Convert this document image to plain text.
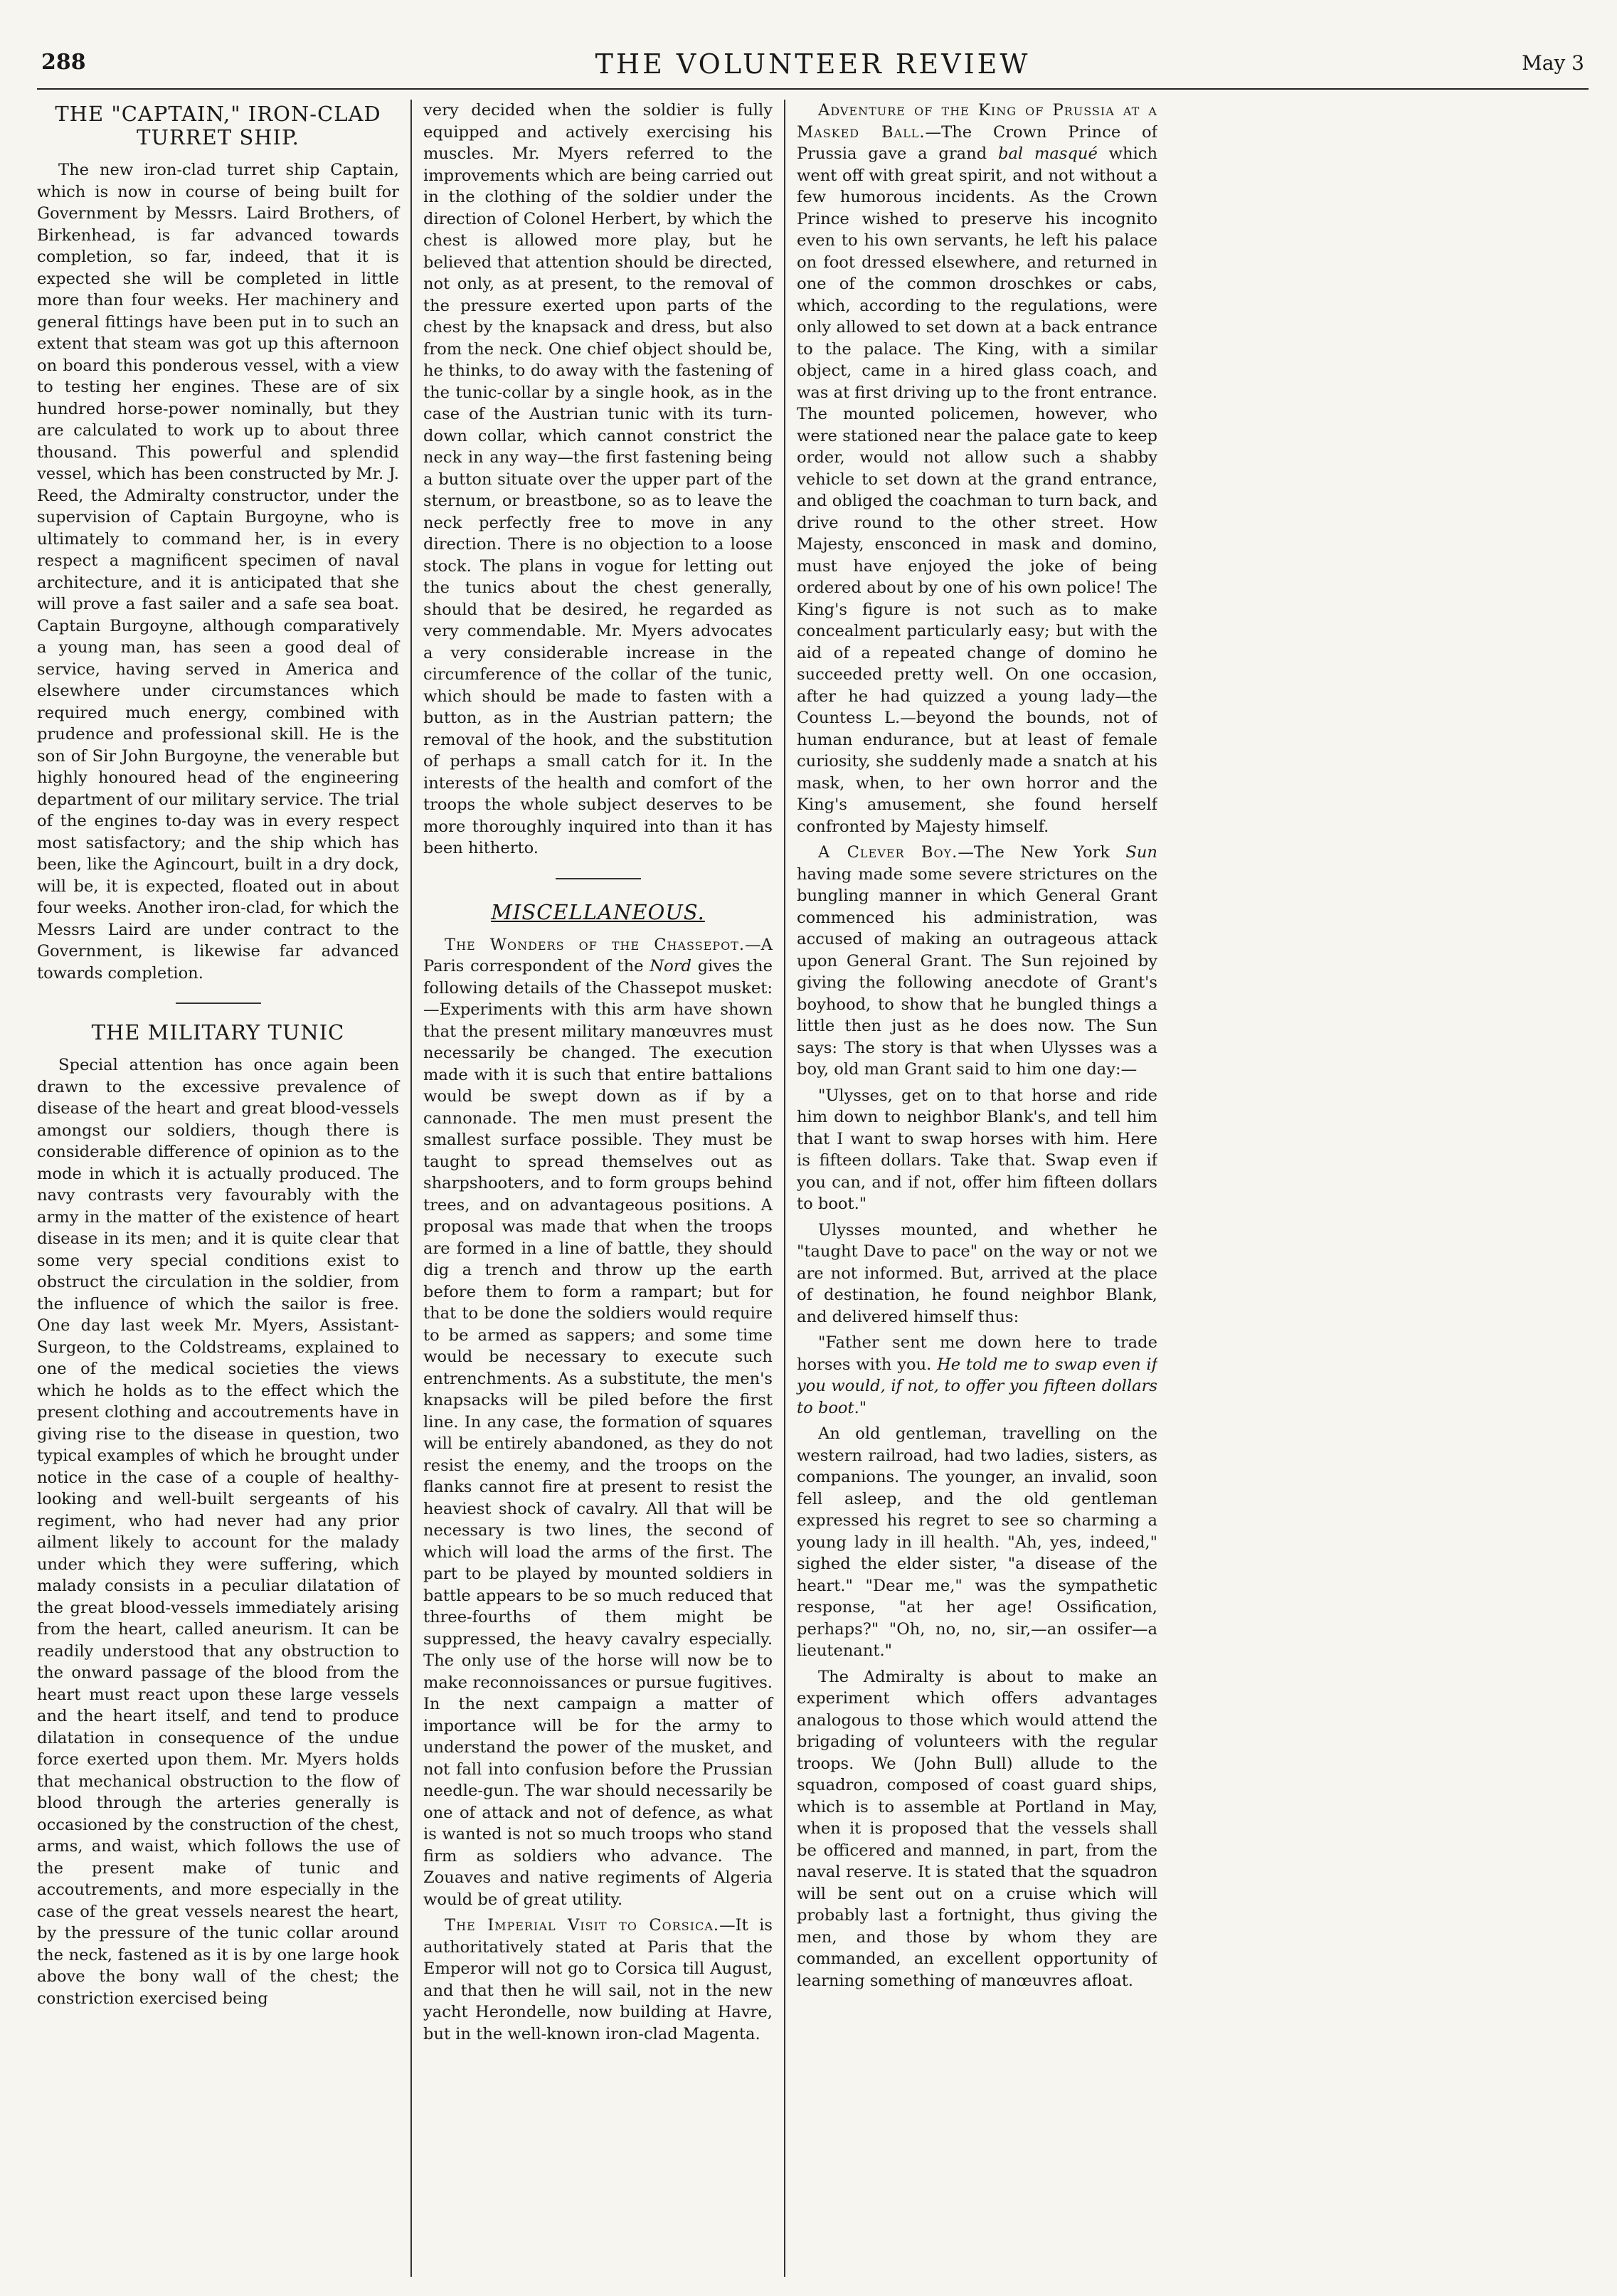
288	THE VOLUNTEER REVIEW	May 3
THE "CAPTAIN," IRON-CLAD TURRET SHIP.

The new iron-clad turret ship Captain, which is now in course of being built for Government by Messrs. Laird Brothers, of Birkenhead, is far advanced towards completion, so far, indeed, that it is expected she will be completed in little more than four weeks. Her machinery and general fittings have been put in to such an extent that steam was got up this afternoon on board this ponderous vessel, with a view to testing her engines. These are of six hundred horse-power nominally, but they are calculated to work up to about three thousand. This powerful and splendid vessel, which has been constructed by Mr. J. Reed, the Admiralty constructor, under the supervision of Captain Burgoyne, who is ultimately to command her, is in every respect a magnificent specimen of naval architecture, and it is anticipated that she will prove a fast sailer and a safe sea boat. Captain Burgoyne, although comparatively a young man, has seen a good deal of service, having served in America and elsewhere under circumstances which required much energy, combined with prudence and professional skill. He is the son of Sir John Burgoyne, the venerable but highly honoured head of the engineering department of our military service. The trial of the engines to-day was in every respect most satisfactory; and the ship which has been, like the Agincourt, built in a dry dock, will be, it is expected, floated out in about four weeks. Another iron-clad, for which the Messrs Laird are under contract to the Government, is likewise far advanced towards completion.

THE MILITARY TUNIC

Special attention has once again been drawn to the excessive prevalence of disease of the heart and great blood-vessels amongst our soldiers, though there is considerable difference of opinion as to the mode in which it is actually produced. The navy contrasts very favourably with the army in the matter of the existence of heart disease in its men; and it is quite clear that some very special conditions exist to obstruct the circulation in the soldier, from the influence of which the sailor is free. One day last week Mr. Myers, Assistant-Surgeon, to the Coldstreams, explained to one of the medical societies the views which he holds as to the effect which the present clothing and accoutrements have in giving rise to the disease in question, two typical examples of which he brought under notice in the case of a couple of healthy-looking and well-built sergeants of his regiment, who had never had any prior ailment likely to account for the malady under which they were suffering, which malady consists in a peculiar dilatation of the great blood-vessels immediately arising from the heart, called aneurism. It can be readily understood that any obstruction to the onward passage of the blood from the heart must react upon these large vessels and the heart itself, and tend to produce dilatation in consequence of the undue force exerted upon them. Mr. Myers holds that mechanical obstruction to the flow of blood through the arteries generally is occasioned by the construction of the chest, arms, and waist, which follows the use of the present make of tunic and accoutrements, and more especially in the case of the great vessels nearest the heart, by the pressure of the tunic collar around the neck, fastened as it is by one large hook above the bony wall of the chest; the constriction exercised being

very decided when the soldier is fully equipped and actively exercising his muscles. Mr. Myers referred to the improvements which are being carried out in the clothing of the soldier under the direction of Colonel Herbert, by which the chest is allowed more play, but he believed that attention should be directed, not only, as at present, to the removal of the pressure exerted upon parts of the chest by the knapsack and dress, but also from the neck. One chief object should be, he thinks, to do away with the fastening of the tunic-collar by a single hook, as in the case of the Austrian tunic with its turn-down collar, which cannot constrict the neck in any way—the first fastening being a button situate over the upper part of the sternum, or breastbone, so as to leave the neck perfectly free to move in any direction. There is no objection to a loose stock. The plans in vogue for letting out the tunics about the chest generally, should that be desired, he regarded as very commendable. Mr. Myers advocates a very considerable increase in the circumference of the collar of the tunic, which should be made to fasten with a button, as in the Austrian pattern; the removal of the hook, and the substitution of perhaps a small catch for it. In the interests of the health and comfort of the troops the whole subject deserves to be more thoroughly inquired into than it has been hitherto.

MISCELLANEOUS.

The Wonders of the Chassepot.—A Paris correspondent of the Nord gives the following details of the Chassepot musket:—Experiments with this arm have shown that the present military manœuvres must necessarily be changed. The execution made with it is such that entire battalions would be swept down as if by a cannonade. The men must present the smallest surface possible. They must be taught to spread themselves out as sharpshooters, and to form groups behind trees, and on advantageous positions. A proposal was made that when the troops are formed in a line of battle, they should dig a trench and throw up the earth before them to form a rampart; but for that to be done the soldiers would require to be armed as sappers; and some time would be necessary to execute such entrenchments. As a substitute, the men's knapsacks will be piled before the first line. In any case, the formation of squares will be entirely abandoned, as they do not resist the enemy, and the troops on the flanks cannot fire at present to resist the heaviest shock of cavalry. All that will be necessary is two lines, the second of which will load the arms of the first. The part to be played by mounted soldiers in battle appears to be so much reduced that three-fourths of them might be suppressed, the heavy cavalry especially. The only use of the horse will now be to make reconnoissances or pursue fugitives. In the next campaign a matter of importance will be for the army to understand the power of the musket, and not fall into confusion before the Prussian needle-gun. The war should necessarily be one of attack and not of defence, as what is wanted is not so much troops who stand firm as soldiers who advance. The Zouaves and native regiments of Algeria would be of great utility.

The Imperial Visit to Corsica.—It is authoritatively stated at Paris that the Emperor will not go to Corsica till August, and that then he will sail, not in the new yacht Herondelle, now building at Havre, but in the well-known iron-clad Magenta.

Adventure of the King of Prussia at a Masked Ball.—The Crown Prince of Prussia gave a grand bal masqué which went off with great spirit, and not without a few humorous incidents. As the Crown Prince wished to preserve his incognito even to his own servants, he left his palace on foot dressed elsewhere, and returned in one of the common droschkes or cabs, which, according to the regulations, were only allowed to set down at a back entrance to the palace. The King, with a similar object, came in a hired glass coach, and was at first driving up to the front entrance. The mounted policemen, however, who were stationed near the palace gate to keep order, would not allow such a shabby vehicle to set down at the grand entrance, and obliged the coachman to turn back, and drive round to the other street. How Majesty, ensconced in mask and domino, must have enjoyed the joke of being ordered about by one of his own police! The King's figure is not such as to make concealment particularly easy; but with the aid of a repeated change of domino he succeeded pretty well. On one occasion, after he had quizzed a young lady—the Countess L.—beyond the bounds, not of human endurance, but at least of female curiosity, she suddenly made a snatch at his mask, when, to her own horror and the King's amusement, she found herself confronted by Majesty himself.

A Clever Boy.—The New York Sun having made some severe strictures on the bungling manner in which General Grant commenced his administration, was accused of making an outrageous attack upon General Grant. The Sun rejoined by giving the following anecdote of Grant's boyhood, to show that he bungled things a little then just as he does now. The Sun says: The story is that when Ulysses was a boy, old man Grant said to him one day:—

"Ulysses, get on to that horse and ride him down to neighbor Blank's, and tell him that I want to swap horses with him. Here is fifteen dollars. Take that. Swap even if you can, and if not, offer him fifteen dollars to boot."

Ulysses mounted, and whether he "taught Dave to pace" on the way or not we are not informed. But, arrived at the place of destination, he found neighbor Blank, and delivered himself thus:

"Father sent me down here to trade horses with you. He told me to swap even if you would, if not, to offer you fifteen dollars to boot."

An old gentleman, travelling on the western railroad, had two ladies, sisters, as companions. The younger, an invalid, soon fell asleep, and the old gentleman expressed his regret to see so charming a young lady in ill health. "Ah, yes, indeed," sighed the elder sister, "a disease of the heart." "Dear me," was the sympathetic response, "at her age! Ossification, perhaps?" "Oh, no, no, sir,—an ossifer—a lieutenant."

The Admiralty is about to make an experiment which offers advantages analogous to those which would attend the brigading of volunteers with the regular troops. We (John Bull) allude to the squadron, composed of coast guard ships, which is to assemble at Portland in May, when it is proposed that the vessels shall be officered and manned, in part, from the naval reserve. It is stated that the squadron will be sent out on a cruise which will probably last a fortnight, thus giving the men, and those by whom they are commanded, an excellent opportunity of learning something of manœuvres afloat.
